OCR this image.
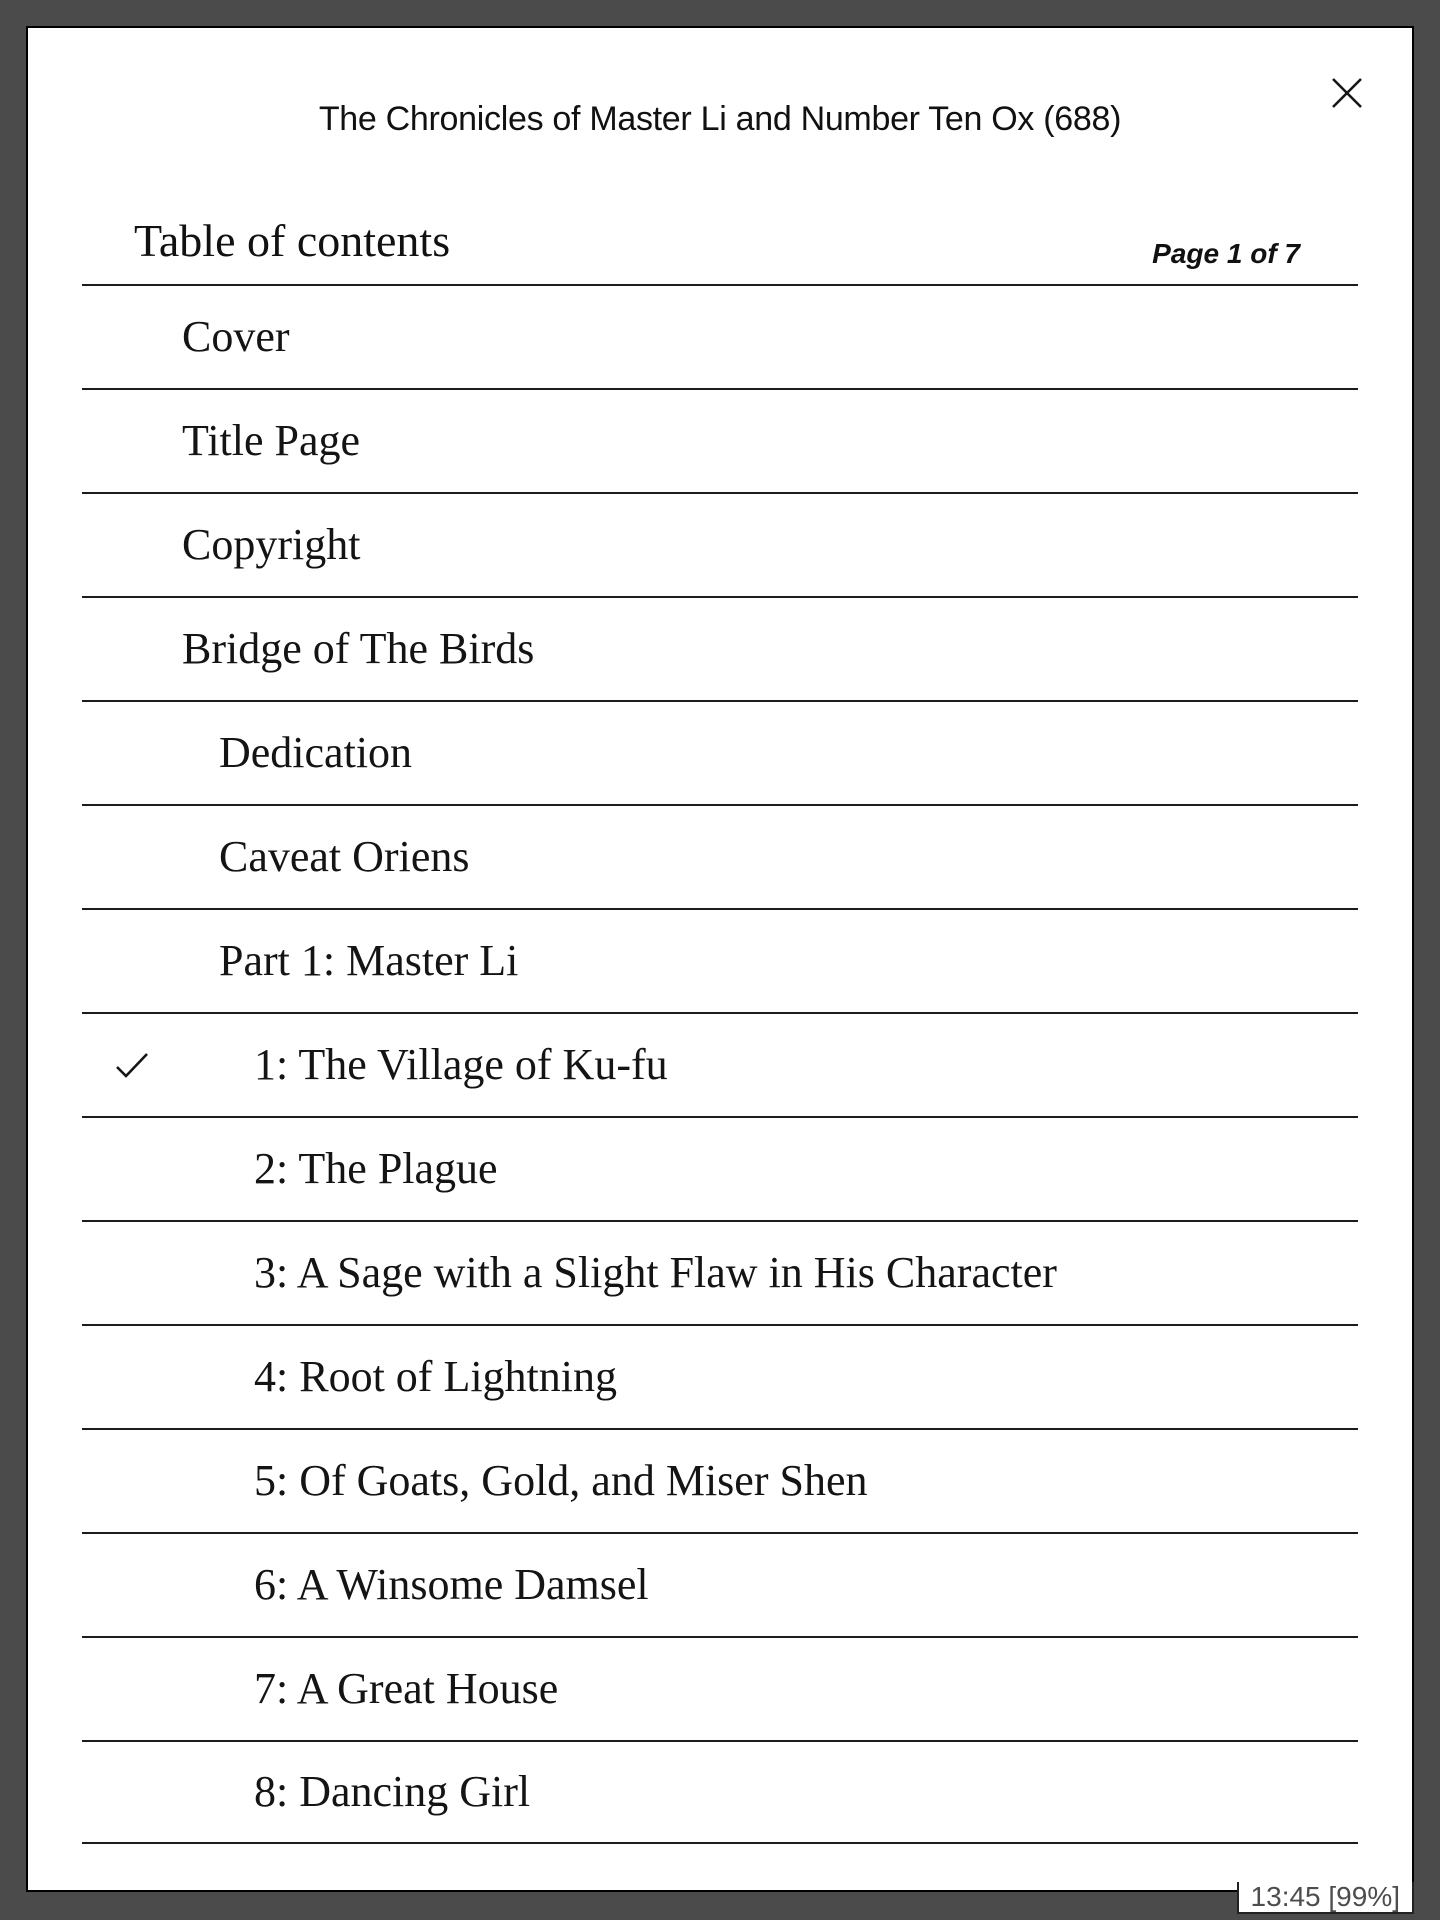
The Chronicles of Master Li and Number Ten Ox (688)
Table of contents	Page 1 of 7
Cover
Title Page
Copyright
Bridge of The Birds
Dedication
Caveat Oriens
Part 1: Master Li
1: The Village of Ku-fu
2: The Plague
3: A Sage with a Slight Flaw in His Character
4: Root of Lightning
5: Of Goats, Gold, and Miser Shen
6: A Winsome Damsel
7: A Great House
8: Dancing Girl
13:45 [99%]
